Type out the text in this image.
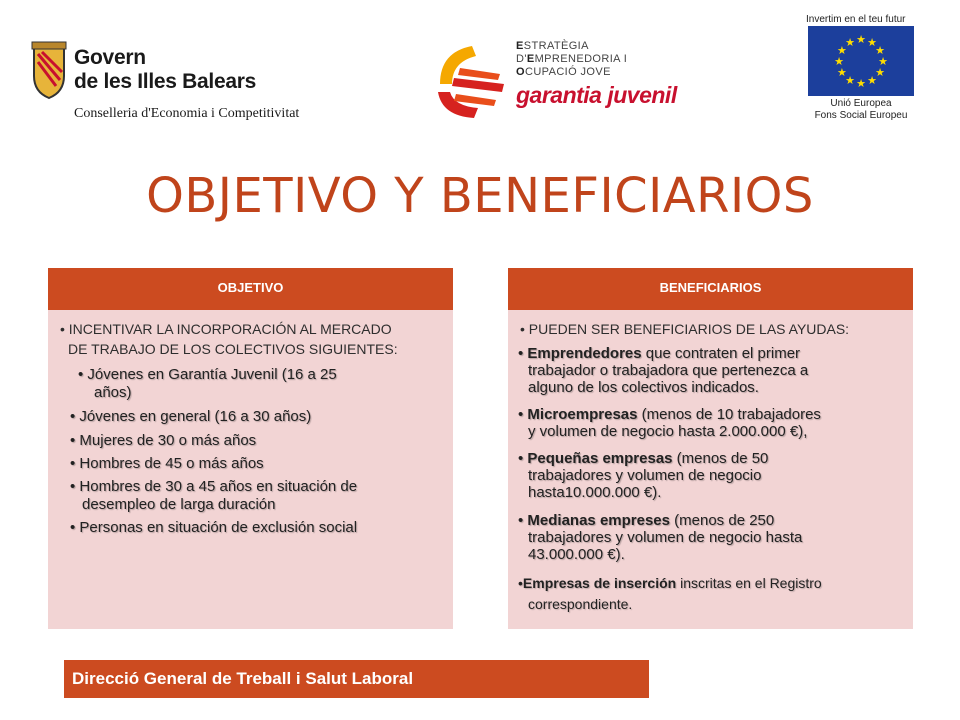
Govern
de les Illes Balears
Conselleria d'Economia i Competitivitat
ESTRATÈGIA
D'EMPRENEDORIA I
OCUPACIÓ JOVE
garantia juvenil
Invertim en el teu futur
★
★
★
★
★
★
★
★
★ ★ ★
★
Unió Europea
Fons Social Europeu
OBJETIVO Y BENEFICIARIOS
OBJETIVO
• INCENTIVAR LA INCORPORACIÓN AL MERCADO
DE TRABAJO DE LOS COLECTIVOS SIGUIENTES:
• Jóvenes en Garantía Juvenil (16 a 25
años)
• Jóvenes en general (16 a 30 años)
• Mujeres de 30 o más años
• Hombres de 45 o más años
• Hombres de 30 a 45 años en situación de
desempleo de larga duración
• Personas en situación de exclusión social
BENEFICIARIOS
• PUEDEN SER BENEFICIARIOS DE LAS AYUDAS:
• Emprendedores que contraten el primer
trabajador o trabajadora que pertenezca a
alguno de los colectivos indicados.
• Microempresas (menos de 10 trabajadores
y volumen de negocio hasta 2.000.000 €),
• Pequeñas empresas (menos de 50
trabajadores y volumen de negocio
hasta10.000.000 €).
• Medianas empreses (menos de 250
trabajadores y volumen de negocio hasta
43.000.000 €).
•Empresas de inserción inscritas en el Registro
correspondiente.
Direcció General de Treball i Salut Laboral
